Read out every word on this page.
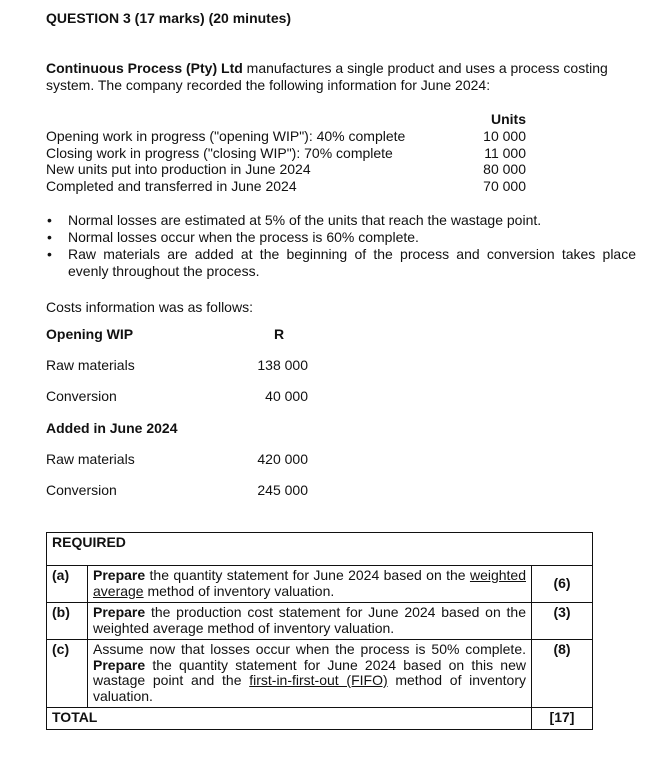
QUESTION 3 (17 marks) (20 minutes)
Continuous Process (Pty) Ltd manufactures a single product and uses a process costing system. The company recorded the following information for June 2024:
	Units
Opening work in progress ("opening WIP"): 40% complete	10 000
Closing work in progress ("closing WIP"): 70% complete	11 000
New units put into production in June 2024	80 000
Completed and transferred in June 2024	70 000
• Normal losses are estimated at 5% of the units that reach the wastage point.
• Normal losses occur when the process is 60% complete.
• Raw materials are added at the beginning of the process and conversion takes place evenly throughout the process.
Costs information was as follows:
Opening WIP	R
Raw materials	138 000
Conversion	40 000
Added in June 2024
Raw materials	420 000
Conversion	245 000
REQUIRED		
(a)	Prepare the quantity statement for June 2024 based on the weighted average method of inventory valuation.	(6)
(b)	Prepare the production cost statement for June 2024 based on the weighted average method of inventory valuation.	(3)
(c)	Assume now that losses occur when the process is 50% complete. Prepare the quantity statement for June 2024 based on this new wastage point and the first-in-first-out (FIFO) method of inventory valuation.	(8)
TOTAL		[17]
